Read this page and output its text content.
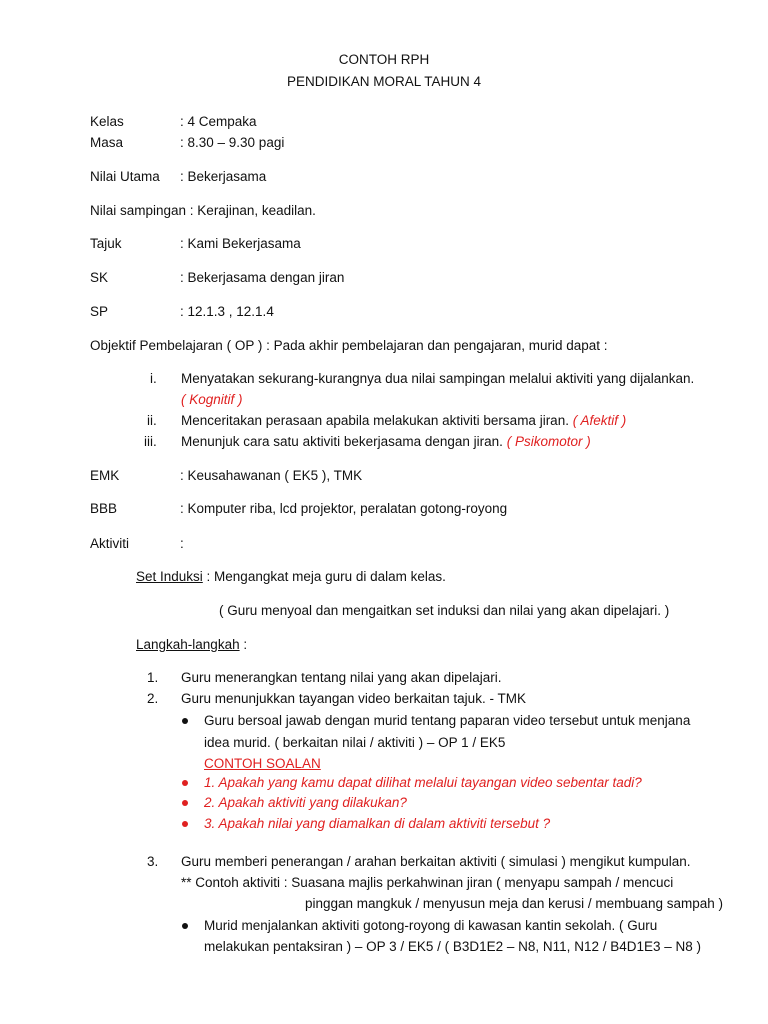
CONTOH RPH
PENDIDIKAN MORAL TAHUN 4
Kelas	: 4 Cempaka
Masa	: 8.30 – 9.30 pagi
Nilai Utama : Bekerjasama
Nilai sampingan : Kerajinan, keadilan.
Tajuk	: Kami Bekerjasama
SK	: Bekerjasama dengan jiran
SP	: 12.1.3 , 12.1.4
Objektif Pembelajaran ( OP ) : Pada akhir pembelajaran dan pengajaran, murid dapat :
i. Menyatakan sekurang-kurangnya dua nilai sampingan melalui aktiviti yang dijalankan.
( Kognitif )
ii. Menceritakan perasaan apabila melakukan aktiviti bersama jiran. ( Afektif )
iii. Menunjuk cara satu aktiviti bekerjasama dengan jiran. ( Psikomotor )
EMK	: Keusahawanan ( EK5 ), TMK
BBB	: Komputer riba, lcd projektor, peralatan gotong-royong
Aktiviti	:
Set Induksi : Mengangkat meja guru di dalam kelas.
( Guru menyoal dan mengaitkan set induksi dan nilai yang akan dipelajari. )
Langkah-langkah :
1. Guru menerangkan tentang nilai yang akan dipelajari.
2. Guru menunjukkan tayangan video berkaitan tajuk. - TMK
Guru bersoal jawab dengan murid tentang paparan video tersebut untuk menjana
idea murid. ( berkaitan nilai / aktiviti ) – OP 1 / EK5
CONTOH SOALAN
1. Apakah yang kamu dapat dilihat melalui tayangan video sebentar tadi?
2. Apakah aktiviti yang dilakukan?
3. Apakah nilai yang diamalkan di dalam aktiviti tersebut ?
3. Guru memberi penerangan / arahan berkaitan aktiviti ( simulasi ) mengikut kumpulan.
** Contoh aktiviti : Suasana majlis perkahwinan jiran ( menyapu sampah / mencuci
pinggan mangkuk / menyusun meja dan kerusi / membuang sampah )
Murid menjalankan aktiviti gotong-royong di kawasan kantin sekolah. ( Guru
melakukan pentaksiran ) – OP 3 / EK5 / ( B3D1E2 – N8, N11, N12 / B4D1E3 – N8 )
